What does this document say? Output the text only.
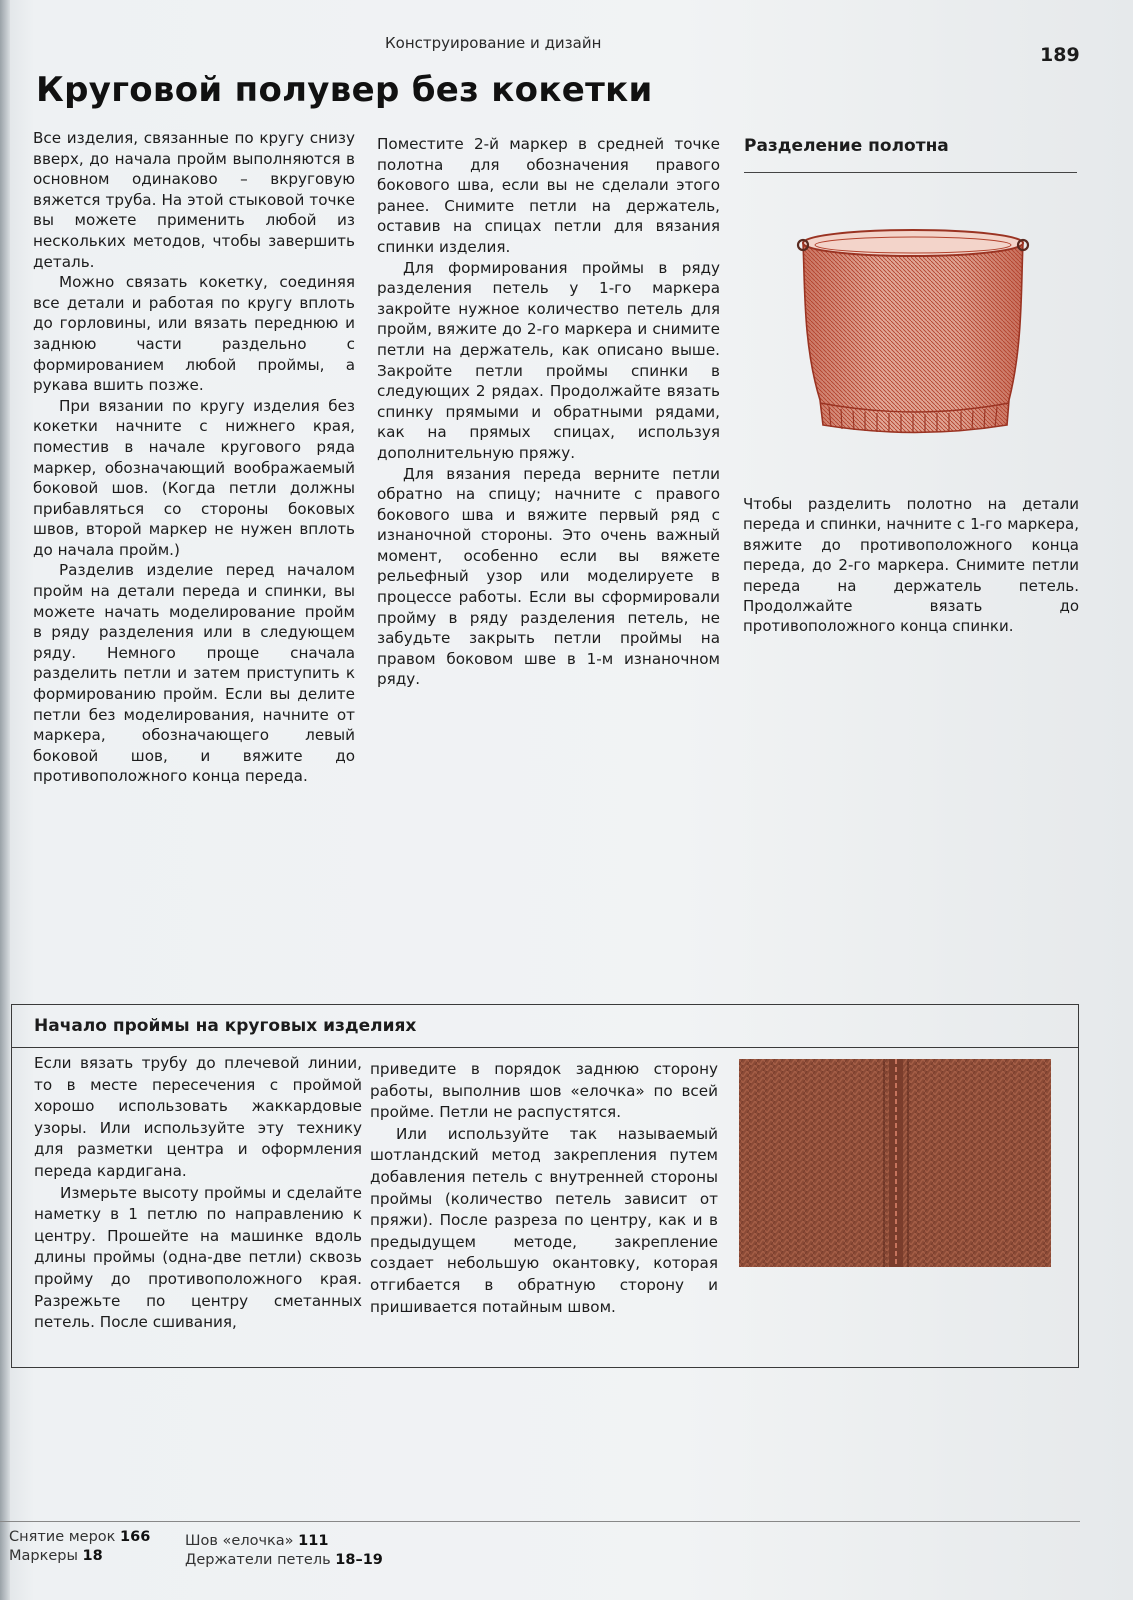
Конструирование и дизайн
189
Круговой полувер без кокетки

Все изделия, связанные по кругу снизу вверх, до начала пройм выполняются в основном одинаково – вкруговую вяжется труба. На этой стыковой точке вы можете применить любой из нескольких методов, чтобы завершить деталь.

Можно связать кокетку, соединяя все детали и работая по кругу вплоть до горловины, или вязать переднюю и заднюю части раздельно с формированием любой проймы, а рукава вшить позже.

При вязании по кругу изделия без кокетки начните с нижнего края, поместив в начале кругового ряда маркер, обозначающий воображаемый боковой шов. (Когда петли должны прибавляться со стороны боковых швов, второй маркер не нужен вплоть до начала пройм.)

Разделив изделие перед началом пройм на детали переда и спинки, вы можете начать моделирование пройм в ряду разделения или в следующем ряду. Немного проще сначала разделить петли и затем приступить к формированию пройм. Если вы делите петли без моделирования, начните от маркера, обозначающего левый боковой шов, и вяжите до противоположного конца переда.

Поместите 2-й маркер в средней точке полотна для обозначения правого бокового шва, если вы не сделали этого ранее. Снимите петли на держатель, оставив на спицах петли для вязания спинки изделия.

Для формирования проймы в ряду разделения петель у 1-го маркера закройте нужное количество петель для пройм, вяжите до 2-го маркера и снимите петли на держатель, как описано выше. Закройте петли проймы спинки в следующих 2 рядах. Продолжайте вязать спинку прямыми и обратными рядами, как на прямых спицах, используя дополнительную пряжу.

Для вязания переда верните петли обратно на спицу; начните с правого бокового шва и вяжите первый ряд с изнаночной стороны. Это очень важный момент, особенно если вы вяжете рельефный узор или моделируете в процессе работы. Если вы сформировали пройму в ряду разделения петель, не забудьте закрыть петли проймы на правом боковом шве в 1-м изнаночном ряду.

Разделение полотна

Чтобы разделить полотно на детали переда и спинки, начните с 1-го маркера, вяжите до противоположного конца переда, до 2-го маркера. Снимите петли переда на держатель петель. Продолжайте вязать до противоположного конца спинки.

Начало проймы на круговых изделиях

Если вязать трубу до плечевой линии, то в месте пересечения с проймой хорошо использовать жаккардовые узоры. Или используйте эту технику для разметки центра и оформления переда кардигана.

Измерьте высоту проймы и сделайте наметку в 1 петлю по направлению к центру. Прошейте на машинке вдоль длины проймы (одна-две петли) сквозь пройму до противоположного края. Разрежьте по центру сметанных петель. После сшивания,

приведите в порядок заднюю сторону работы, выполнив шов «елочка» по всей пройме. Петли не распустятся.

Или используйте так называемый шотландский метод закрепления путем добавления петель с внутренней стороны проймы (количество петель зависит от пряжи). После разреза по центру, как и в предыдущем методе, закрепление создает небольшую окантовку, которая отгибается в обратную сторону и пришивается потайным швом.

Снятие мерок 166
Маркеры 18
Шов «елочка» 111
Держатели петель 18–19
